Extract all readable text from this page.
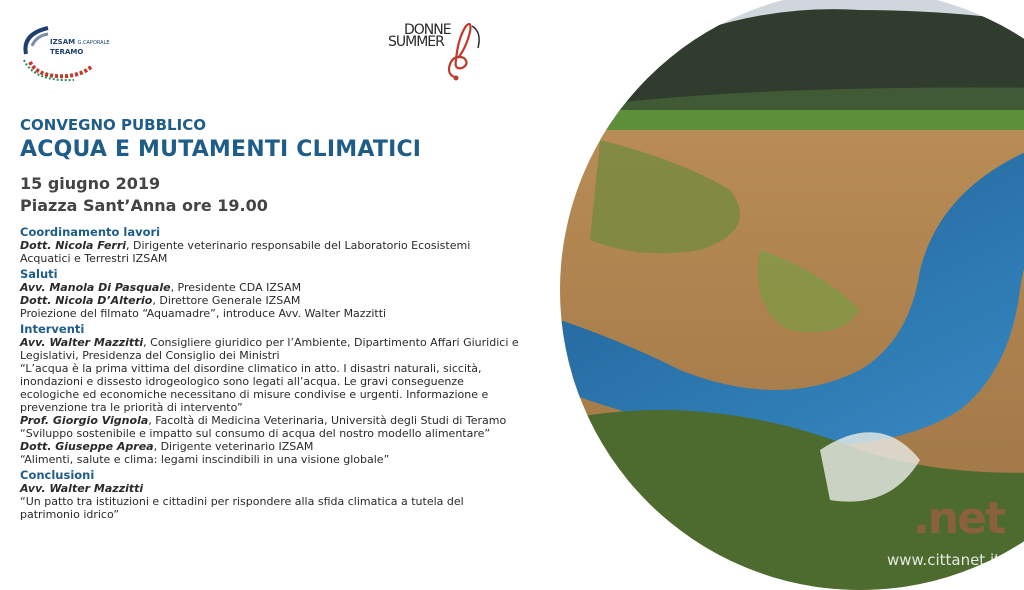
IZSAM G.CAPORALE
TERAMO
DONNE
SUMMER
.net
www.cittanet.it
CONVEGNO PUBBLICO
ACQUA E MUTAMENTI CLIMATICI
15 giugno 2019
Piazza Sant’Anna ore 19.00
Coordinamento lavori
Dott. Nicola Ferri, Dirigente veterinario responsabile del Laboratorio Ecosistemi
Acquatici e Terrestri IZSAM
Saluti
Avv. Manola Di Pasquale, Presidente CDA IZSAM
Dott. Nicola D’Alterio, Direttore Generale IZSAM
Proiezione del filmato “Aquamadre”, introduce Avv. Walter Mazzitti
Interventi
Avv. Walter Mazzitti, Consigliere giuridico per l’Ambiente, Dipartimento Affari Giuridici e
Legislativi, Presidenza del Consiglio dei Ministri
“L’acqua è la prima vittima del disordine climatico in atto. I disastri naturali, siccità,
inondazioni e dissesto idrogeologico sono legati all’acqua. Le gravi conseguenze
ecologiche ed economiche necessitano di misure condivise e urgenti. Informazione e
prevenzione tra le priorità di intervento”
Prof. Giorgio Vignola, Facoltà di Medicina Veterinaria, Università degli Studi di Teramo
“Sviluppo sostenibile e impatto sul consumo di acqua del nostro modello alimentare”
Dott. Giuseppe Aprea, Dirigente veterinario IZSAM
“Alimenti, salute e clima: legami inscindibili in una visione globale”
Conclusioni
Avv. Walter Mazzitti
“Un patto tra istituzioni e cittadini per rispondere alla sfida climatica a tutela del
patrimonio idrico”
